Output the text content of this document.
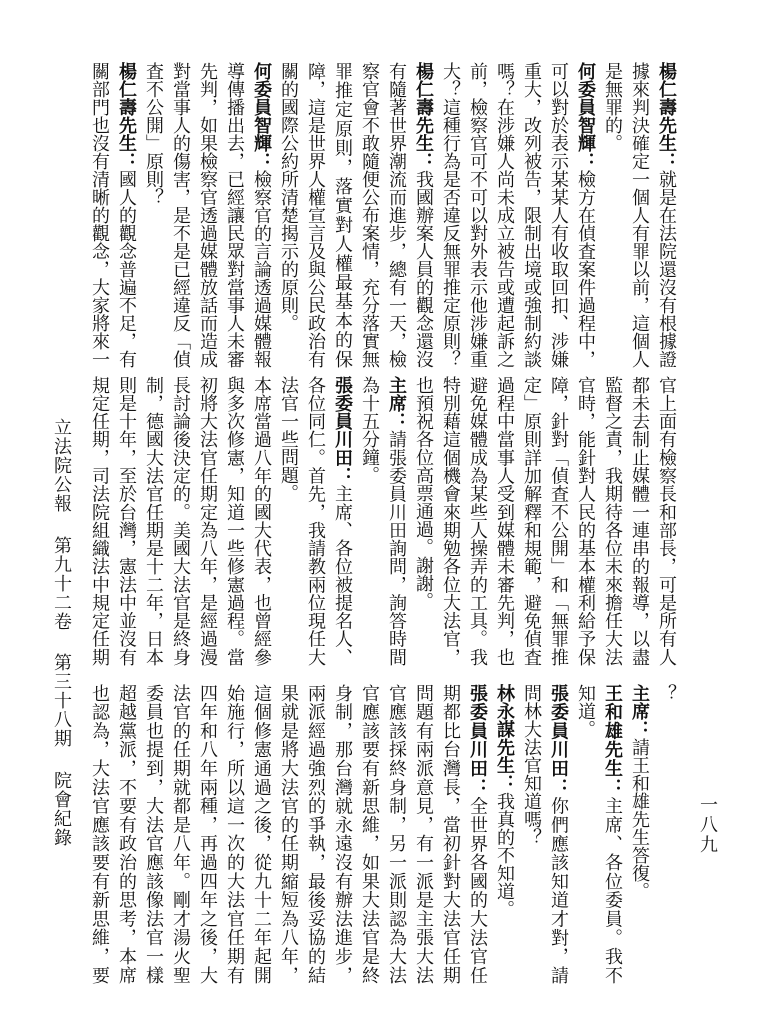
一八九

楊仁壽先生：就是在法院還沒有根據證據來判決確定一個人有罪以前，這個人是無罪的。

何委員智輝：檢方在偵査案件過程中，可以對於表示某某人有收取回扣、涉嫌重大，改列被告，限制出境或強制約談嗎？在涉嫌人尚未成立被告或遭起訴之前，檢察官可不可以對外表示他涉嫌重大？這種行為是否違反無罪推定原則？

楊仁壽先生：我國辦案人員的觀念還沒有隨著世界潮流而進步，總有一天，檢察官會不敢隨便公布案情，充分落實無罪推定原則，落實對人權最基本的保障，這是世界人權宣言及與公民政治有關的國際公約所清楚揭示的原則。

何委員智輝：檢察官的言論透過媒體報導傳播出去，已經讓民眾對當事人未審先判，如果檢察官透過媒體放話而造成對當事人的傷害，是不是已經違反「偵査不公開」原則？

楊仁壽先生：國人的觀念普遍不足，有關部門也沒有清晰的觀念，大家將來一

官上面有檢察長和部長，可是所有人都未去制止媒體一連串的報導，以盡監督之責，我期待各位未來擔任大法官時，能針對人民的基本權利給予保障，針對「偵査不公開」和「無罪推定」原則詳加解釋和規範，避免偵査過程中當事人受到媒體未審先判，也避免媒體成為某些人操弄的工具。我特別藉這個機會來期勉各位大法官，也預祝各位高票通過。謝謝。

主席：請張委員川田詢問，詢答時間為十五分鐘。

張委員川田：主席、各位被提名人、各位同仁。首先，我請教兩位現任大法官一些問題。

本席當過八年的國大代表，也曾經參與多次修憲，知道一些修憲過程。當初將大法官任期定為八年，是經過漫長討論後決定的。美國大法官是終身制，德國大法官任期是十二年，日本則是十年，至於台灣，憲法中並沒有規定任期，司法院組織法中規定任期

？

主席：請王和雄先生答復。

王和雄先生：主席、各位委員。我不知道。

張委員川田：你們應該知道才對，請問林大法官知道嗎？

林永謀先生：我真的不知道。

張委員川田：全世界各國的大法官任期都比台灣長，當初針對大法官任期問題有兩派意見，有一派是主張大法官應該採終身制，另一派則認為大法官應該要有新思維，如果大法官是終身制，那台灣就永遠沒有辦法進步，兩派經過強烈的爭執，最後妥協的結果就是將大法官的任期縮短為八年，這個修憲通過之後，從九十二年起開始施行，所以這一次的大法官任期有四年和八年兩種，再過四年之後，大法官的任期就都是八年。剛才湯火聖委員也提到，大法官應該像法官一樣超越黨派，不要有政治的思考，本席也認為，大法官應該要有新思維，要

立法院公報 第九十二卷 第三十八期 院會紀錄
